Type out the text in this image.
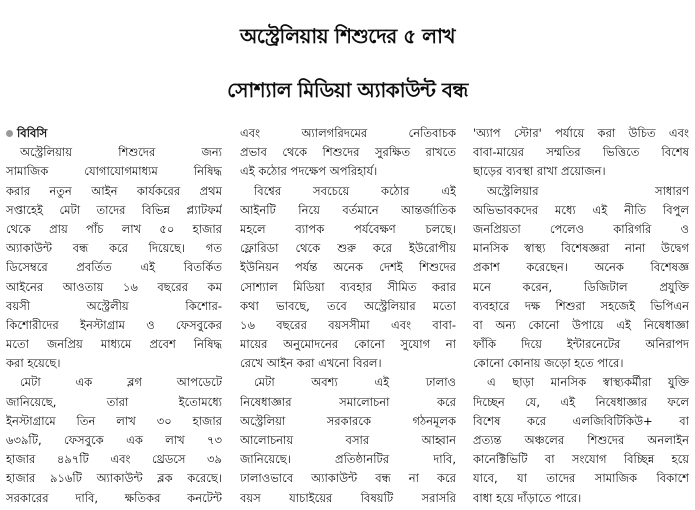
অস্ট্রেলিয়ায় শিশুদের ৫ লাখ
সোশ্যাল মিডিয়া অ্যাকাউন্ট বন্ধ
বিবিসি
অস্ট্রেলিয়ায় শিশুদের জন্য
সামাজিক যোগাযোগমাধ্যম নিষিদ্ধ
করার নতুন আইন কার্যকরের প্রথম
সপ্তাহেই মেটা তাদের বিভিন্ন প্ল্যাটফর্ম
থেকে প্রায় পাঁচ লাখ ৫০ হাজার
অ্যাকাউন্ট বন্ধ করে দিয়েছে। গত
ডিসেম্বরে প্রবর্তিত এই বিতর্কিত
আইনের আওতায় ১৬ বছরের কম
বয়সী অস্ট্রেলীয় কিশোর-
কিশোরীদের ইনস্টাগ্রাম ও ফেসবুকের
মতো জনপ্রিয় মাধ্যমে প্রবেশ নিষিদ্ধ
করা হয়েছে।
মেটা এক ব্লগ আপডেটে
জানিয়েছে, তারা ইতোমধ্যে
ইনস্টাগ্রামে তিন লাখ ৩০ হাজার
৬৩৯টি, ফেসবুকে এক লাখ ৭৩
হাজার ৪৯৭টি এবং থ্রেডসে ৩৯
হাজার ৯১৬টি অ্যাকাউন্ট ব্লক করেছে।
সরকারের দাবি, ক্ষতিকর কনটেন্ট
এবং অ্যালগরিদমের নেতিবাচক
প্রভাব থেকে শিশুদের সুরক্ষিত রাখতে
এই কঠোর পদক্ষেপ অপরিহার্য।
বিশ্বের সবচেয়ে কঠোর এই
আইনটি নিয়ে বর্তমানে আন্তর্জাতিক
মহলে ব্যাপক পর্যবেক্ষণ চলছে।
ফ্লোরিডা থেকে শুরু করে ইউরোপীয়
ইউনিয়ন পর্যন্ত অনেক দেশই শিশুদের
সোশ্যাল মিডিয়া ব্যবহার সীমিত করার
কথা ভাবছে, তবে অস্ট্রেলিয়ার মতো
১৬ বছরের বয়সসীমা এবং বাবা-
মায়ের অনুমোদনের কোনো সুযোগ না
রেখে আইন করা এখনো বিরল।
মেটা অবশ্য এই ঢালাও
নিষেধাজ্ঞার সমালোচনা করে
অস্ট্রেলিয়া সরকারকে গঠনমূলক
আলোচনায় বসার আহ্বান
জানিয়েছে। প্রতিষ্ঠানটির দাবি,
ঢালাওভাবে অ্যাকাউন্ট বন্ধ না করে
বয়স যাচাইয়ের বিষয়টি সরাসরি
'অ্যাপ স্টোর' পর্যায়ে করা উচিত এবং
বাবা-মায়ের সম্মতির ভিত্তিতে বিশেষ
ছাড়ের ব্যবস্থা রাখা প্রয়োজন।
অস্ট্রেলিয়ার সাধারণ
অভিভাবকদের মধ্যে এই নীতি বিপুল
জনপ্রিয়তা পেলেও কারিগরি ও
মানসিক স্বাস্থ্য বিশেষজ্ঞরা নানা উদ্বেগ
প্রকাশ করেছেন। অনেক বিশেষজ্ঞ
মনে করেন, ডিজিটাল প্রযুক্তি
ব্যবহারে দক্ষ শিশুরা সহজেই ভিপিএন
বা অন্য কোনো উপায়ে এই নিষেধাজ্ঞা
ফাঁকি দিয়ে ইন্টারনেটের অনিরাপদ
কোনো কোনায় জড়ো হতে পারে।
এ ছাড়া মানসিক স্বাস্থ্যকর্মীরা যুক্তি
দিচ্ছেন যে, এই নিষেধাজ্ঞার ফলে
বিশেষ করে এলজিবিটিকিউ+ বা
প্রত্যন্ত অঞ্চলের শিশুদের অনলাইন
কানেক্টিভিটি বা সংযোগ বিচ্ছিন্ন হয়ে
যাবে, যা তাদের সামাজিক বিকাশে
বাধা হয়ে দাঁড়াতে পারে।
